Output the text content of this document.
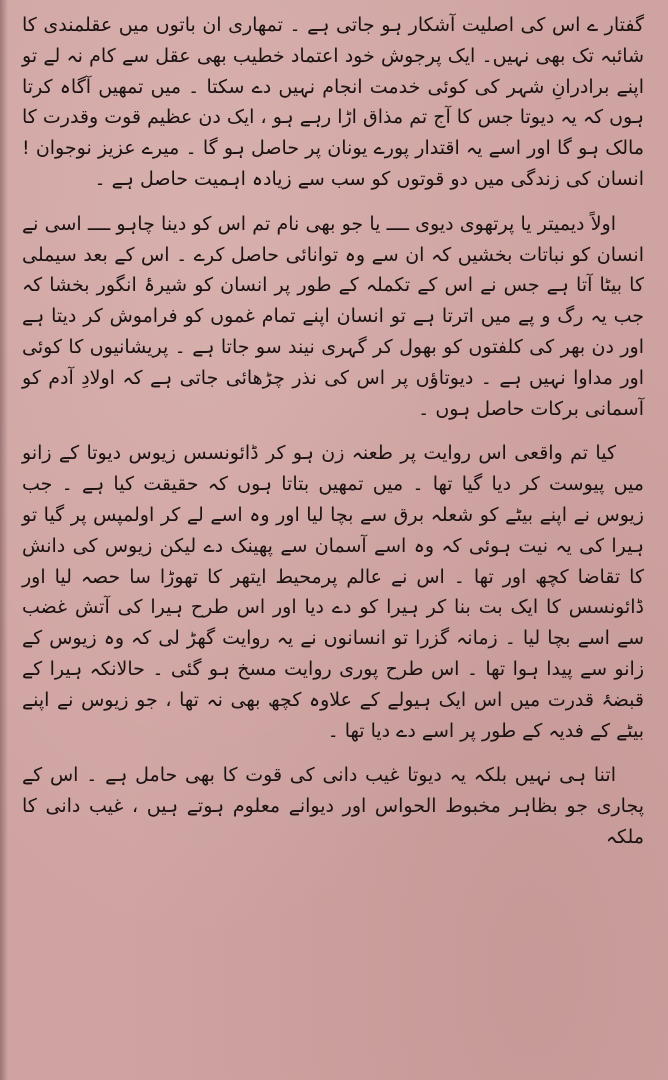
گفتار ے اس کی اصلیت آشکار ہو جاتی ہے ۔ تمھاری ان باتوں میں عقلمندی کا شائبہ تک بھی نہیں۔ ایک پرجوش خود اعتماد خطیب بھی عقل سے کام نہ لے تو اپنے برادرانِ شہر کی کوئی خدمت انجام نہیں دے سکتا ۔ میں تمھیں آگاہ کرتا ہوں کہ یہ دیوتا جس کا آج تم مذاق اڑا رہے ہو ، ایک دن عظیم قوت وقدرت کا مالک ہو گا اور اسے یہ اقتدار پورے یونان پر حاصل ہو گا ۔ میرے عزیز نوجوان ! انسان کی زندگی میں دو قوتوں کو سب سے زیادہ اہمیت حاصل ہے ۔

اولاً دیمیتر یا پرتھوی دیوی ــــ یا جو بھی نام تم اس کو دینا چاہو ــــ اسی نے انسان کو نباتات بخشیں کہ ان سے وہ توانائی حاصل کرے ۔ اس کے بعد سیملی کا بیٹا آتا ہے جس نے اس کے تکملہ کے طور پر انسان کو شیرۂ انگور بخشا کہ جب یہ رگ و پے میں اترتا ہے تو انسان اپنے تمام غموں کو فراموش کر دیتا ہے اور دن بھر کی کلفتوں کو بھول کر گہری نیند سو جاتا ہے ۔ پریشانیوں کا کوئی اور مداوا نہیں ہے ۔ دیوتاؤں پر اس کی نذر چڑھائی جاتی ہے کہ اولادِ آدم کو آسمانی برکات حاصل ہوں ۔

کیا تم واقعی اس روایت پر طعنہ زن ہو کر ڈائونسس زیوس دیوتا کے زانو میں پیوست کر دیا گیا تھا ۔ میں تمھیں بتاتا ہوں کہ حقیقت کیا ہے ۔ جب زیوس نے اپنے بیٹے کو شعلہ برق سے بچا لیا اور وہ اسے لے کر اولمپس پر گیا تو ہیرا کی یہ نیت ہوئی کہ وہ اسے آسمان سے پھینک دے لیکن زیوس کی دانش کا تقاضا کچھ اور تھا ۔ اس نے عالم پرمحیط ایتھر کا تھوڑا سا حصہ لیا اور ڈائونسس کا ایک بت بنا کر ہیرا کو دے دیا اور اس طرح ہیرا کی آتش غضب سے اسے بچا لیا ۔ زمانہ گزرا تو انسانوں نے یہ روایت گھڑ لی کہ وہ زیوس کے زانو سے پیدا ہوا تھا ۔ اس طرح پوری روایت مسخ ہو گئی ۔ حالانکہ ہیرا کے قبضۂ قدرت میں اس ایک ہیولے کے علاوہ کچھ بھی نہ تھا ، جو زیوس نے اپنے بیٹے کے فدیہ کے طور پر اسے دے دیا تھا ۔

اتنا ہی نہیں بلکہ یہ دیوتا غیب دانی کی قوت کا بھی حامل ہے ۔ اس کے پجاری جو بظاہر مخبوط الحواس اور دیوانے معلوم ہوتے ہیں ، غیب دانی کا ملکہ
